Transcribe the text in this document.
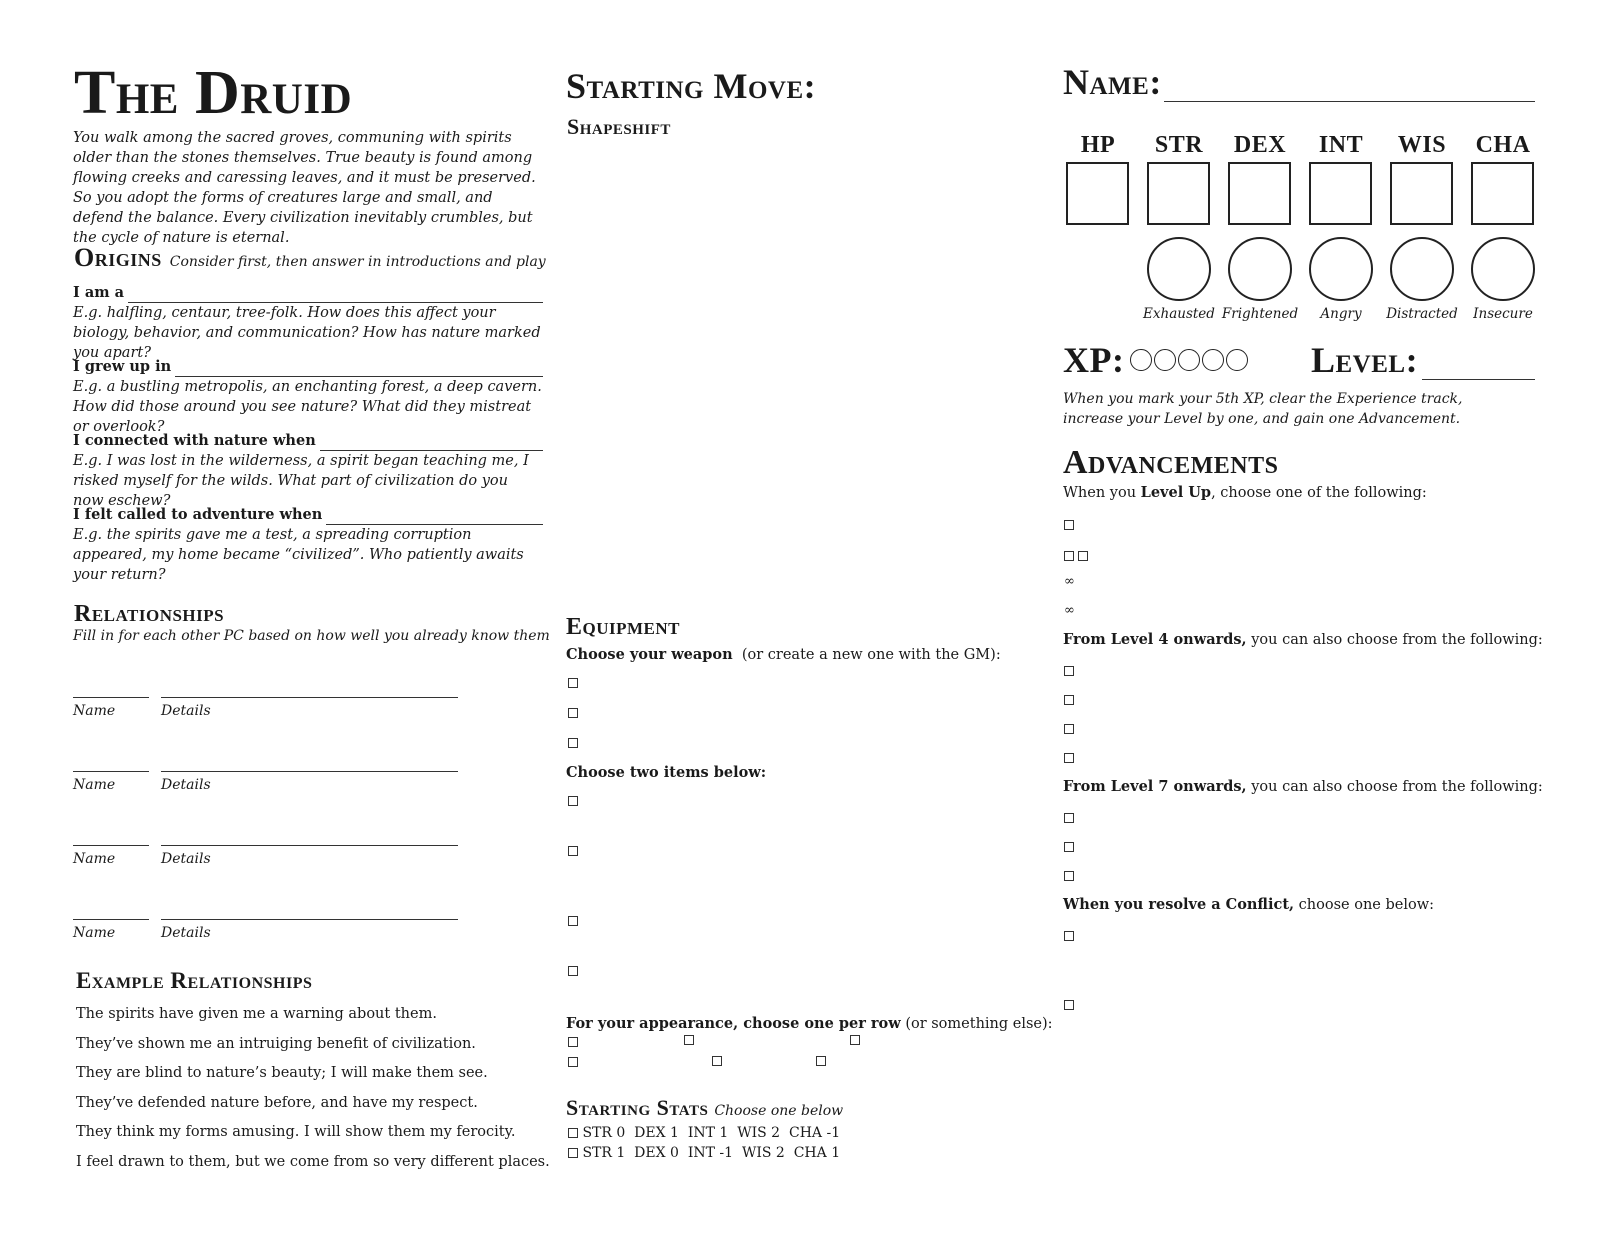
The Druid

You walk among the sacred groves, communing with spirits older than the stones themselves. True beauty is found among flowing creeks and caressing leaves, and it must be preserved. So you adopt the forms of creatures large and small, and defend the balance. Every civilization inevitably crumbles, but the cycle of nature is eternal.

Origins Consider first, then answer in introductions and play
I am a
E.g. halfling, centaur, tree-folk. How does this affect your biology, behavior, and communication? How has nature marked you apart?
I grew up in
E.g. a bustling metropolis, an enchanting forest, a deep cavern. How did those around you see nature? What did they mistreat or overlook?
I connected with nature when
E.g. I was lost in the wilderness, a spirit began teaching me, I risked myself for the wilds. What part of civilization do you now eschew?
I felt called to adventure when
E.g. the spirits gave me a test, a spreading corruption appeared, my home became “civilized”. Who patiently awaits your return?
Relationships
Fill in for each other PC based on how well you already know them
Name	Details
Name	Details
Name	Details
Name	Details
Example Relationships
The spirits have given me a warning about them.
They’ve shown me an intruiging benefit of civilization.
They are blind to nature’s beauty; I will make them see.
They’ve defended nature before, and have my respect.
They think my forms amusing. I will show them my ferocity.
I feel drawn to them, but we come from so very different places.
Starting Move:
Shapeshift
Equipment
Choose your weapon (or create a new one with the GM):
Choose two items below:
For your appearance, choose one per row (or something else):
Starting Stats Choose one below
STR 0  DEX 1  INT 1  WIS 2  CHA -1
STR 1  DEX 0  INT -1  WIS 2  CHA 1
Name:
HP	STR	DEX	INT	WIS	CHA
Exhausted Frightened	Angry	Distracted	Insecure
XP:	Level:

When you mark your 5th XP, clear the Experience track, increase your Level by one, and gain one Advancement.

Advancements
When you Level Up, choose one of the following:

∞
∞
From Level 4 onwards, you can also choose from the following:
From Level 7 onwards, you can also choose from the following:
When you resolve a Conflict, choose one below:
